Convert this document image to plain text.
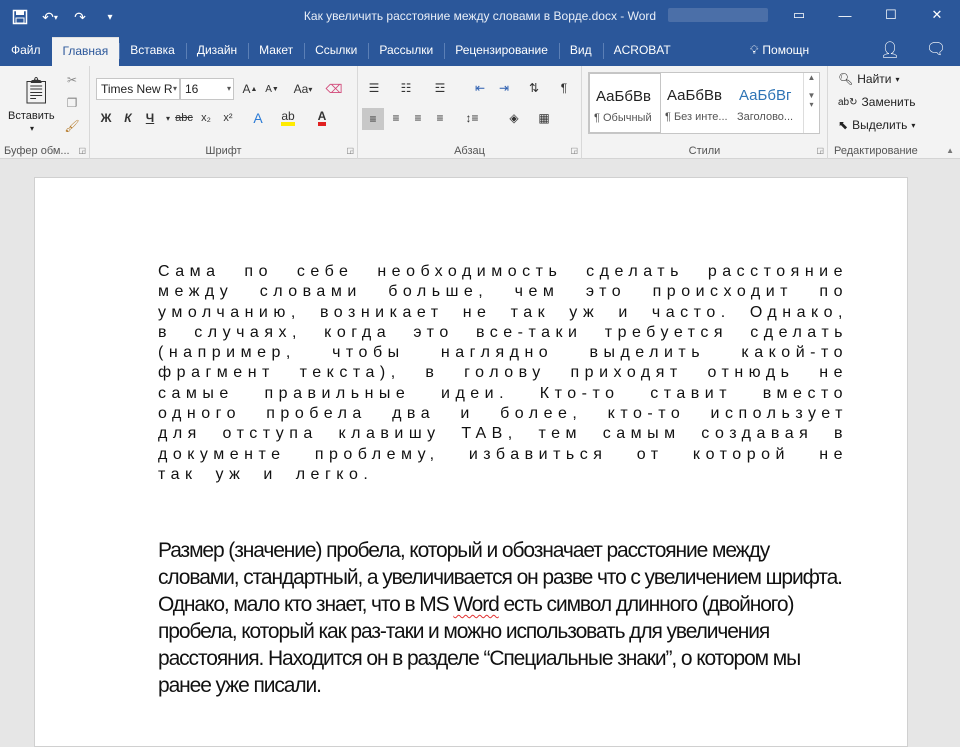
↶ ▾	↷	▾	Как увеличить расстояние между словами в Ворде.docx - Word	▭	—	☐	✕
Файл	Главная	Вставка	Дизайн	Макет	Ссылки	Рассылки	Рецензирование	Вид	ACROBAT	💡︎ Помощн	👤︎ 🗨︎
📋︎
Вставить
▾
✂
❐
🖌︎
Буфер обм...	◲
Times New R ▾ 16	▾ A ▲ A ▼ Aa ▾ ⌫
Ж	К	Ч	▾ abc x₂	x²	A	ab A
Шрифт	◲
☰	☷	☲	⇤	⇥	⇅	¶
≡	≡	≡	≡	↕≡	◈	▦
Абзац	◲
АаБбВв
¶ Обычный
АаБбВв
¶ Без инте...
АаБбВг
Заголово...
▲

▼
▾
Стили	◲
🔍︎ Найти ▾
ab↻ Заменить
⬉ Выделить ▾
Редактирование	▲
Сама по себе необходимость сделать расстояние между словами больше, чем это происходит по умолчанию, возникает не так уж и часто. Однако, в случаях, когда это все-таки требуется сделать (например, чтобы наглядно выделить какой-то фрагмент текста), в голову приходят отнюдь не самые правильные идеи. Кто-то ставит вместо одного пробела два и более, кто-то использует для отступа клавишу TAB, тем самым создавая в документе проблему, избавиться от которой не так уж и легко.
Размер (значение) пробела, который и обозначает расстояние между словами, стандартный, а увеличивается он разве что с увеличением шрифта. Однако, мало кто знает, что в MS Word есть символ длинного (двойного) пробела, который как раз-таки и можно использовать для увеличения расстояния. Находится он в разделе “Специальные знаки”, о котором мы ранее уже писали.
